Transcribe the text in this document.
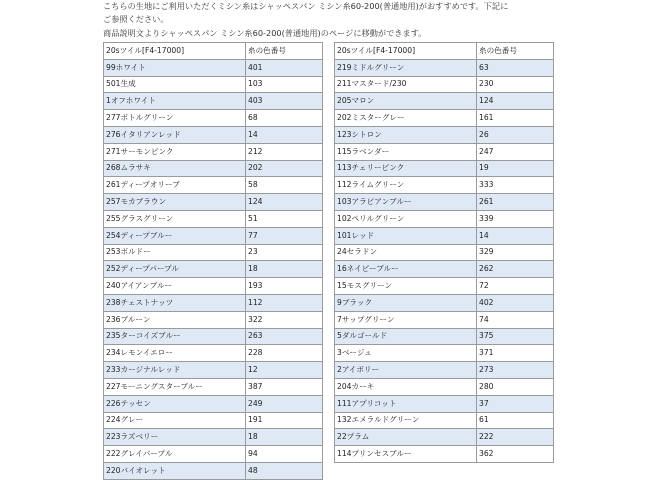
こちらの生地にご利用いただくミシン糸はシャッペスパン ミシン糸60-200(普通地用)がおすすめです。下記に

ご参照ください。

商品説明文よりシャッペスパン ミシン糸60-200(普通地用)のページに移動ができます。
20sツイル[F4-17000]	糸の色番号
99ホワイト	401
501生成	103
1オフホワイト	403
277ボトルグリーン	68
276イタリアンレッド	14
271サーモンピンク	212
268ムラサキ	202
261ディープオリーブ	58
257モカブラウン	124
255グラスグリーン	51
254ディープブルー	77
253ボルドー	23
252ディープパープル	18
240アイアンブルー	193
238チェストナッツ	112
236ブルーン	322
235ターコイズブルー	263
234レモンイエロー	228
233カージナルレッド	12
227モーニングスターブルー	387
226テッセン	249
224グレー	191
223ラズベリー	18
222グレイパープル	94
220バイオレット	48
20sツイル[F4-17000]	糸の色番号
219ミドルグリーン	63
211マスタード/230	230
205マロン	124
202ミスターグレー	161
123シトロン	26
115ラベンダー	247
113チェリーピンク	19
112ライムグリーン	333
103アラビアンブルー	261
102ペリルグリーン	339
101レッド	14
24セラドン	329
16ネイビーブルー	262
15モスグリーン	72
9ブラック	402
7サップグリーン	74
5ダルゴールド	375
3ベージュ	371
2アイボリー	273
204カーキ	280
111アプリコット	37
132エメラルドグリーン	61
22プラム	222
114プリンセスブルー	362
